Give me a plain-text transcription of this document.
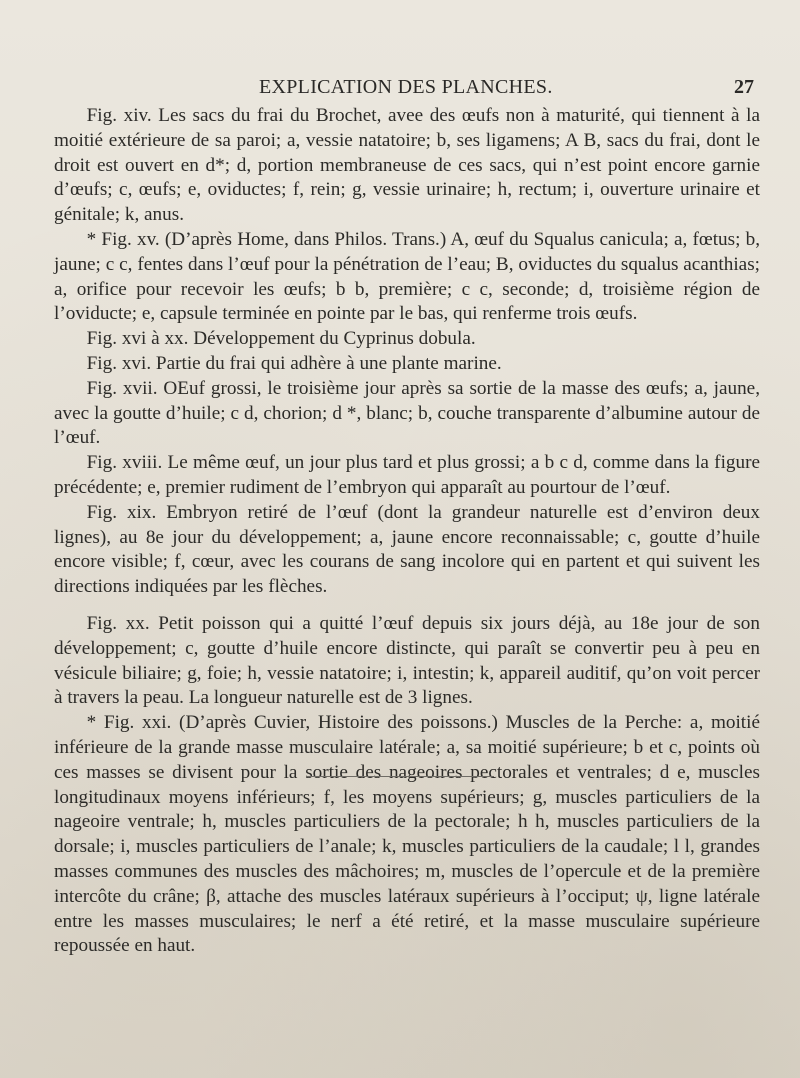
EXPLICATION DES PLANCHES.	27

Fig. xiv. Les sacs du frai du Brochet, avee des œufs non à maturité, qui tiennent à la moitié extérieure de sa paroi; a, vessie natatoire; b, ses ligamens; A B, sacs du frai, dont le droit est ouvert en d*; d, portion membraneuse de ces sacs, qui n’est point encore garnie d’œufs; c, œufs; e, oviductes; f, rein; g, vessie urinaire; h, rectum; i, ouverture urinaire et génitale; k, anus.

* Fig. xv. (D’après Home, dans Philos. Trans.) A, œuf du Squalus canicula; a, fœtus; b, jaune; c c, fentes dans l’œuf pour la pénétration de l’eau; B, oviductes du squalus acanthias; a, orifice pour recevoir les œufs; b b, première; c c, seconde; d, troisième région de l’oviducte; e, capsule terminée en pointe par le bas, qui renferme trois œufs.

Fig. xvi à xx. Développement du Cyprinus dobula.

Fig. xvi. Partie du frai qui adhère à une plante marine.

Fig. xvii. OEuf grossi, le troisième jour après sa sortie de la masse des œufs; a, jaune, avec la goutte d’huile; c d, chorion; d *, blanc; b, couche transparente d’albumine autour de l’œuf.

Fig. xviii. Le même œuf, un jour plus tard et plus grossi; a b c d, comme dans la figure précédente; e, premier rudiment de l’embryon qui apparaît au pourtour de l’œuf.

Fig. xix. Embryon retiré de l’œuf (dont la grandeur naturelle est d’environ deux lignes), au 8e jour du développement; a, jaune encore reconnaissable; c, goutte d’huile encore visible; f, cœur, avec les courans de sang incolore qui en partent et qui suivent les directions indiquées par les flèches.

Fig. xx. Petit poisson qui a quitté l’œuf depuis six jours déjà, au 18e jour de son développement; c, goutte d’huile encore distincte, qui paraît se convertir peu à peu en vésicule biliaire; g, foie; h, vessie natatoire; i, intestin; k, appareil auditif, qu’on voit percer à travers la peau. La longueur naturelle est de 3 lignes.

* Fig. xxi. (D’après Cuvier, Histoire des poissons.) Muscles de la Perche: a, moitié inférieure de la grande masse musculaire latérale; a, sa moitié supérieure; b et c, points où ces masses se divisent pour la sortie des nageoires pectorales et ventrales; d e, muscles longitudinaux moyens inférieurs; f, les moyens supérieurs; g, muscles particuliers de la nageoire ventrale; h, muscles particuliers de la pectorale; h h, muscles particuliers de la dorsale; i, muscles particuliers de l’anale; k, muscles particuliers de la caudale; l l, grandes masses communes des muscles des mâchoires; m, muscles de l’opercule et de la première intercôte du crâne; β, attache des muscles latéraux supérieurs à l’occiput; ψ, ligne latérale entre les masses musculaires; le nerf a été retiré, et la masse musculaire supérieure repoussée en haut.
